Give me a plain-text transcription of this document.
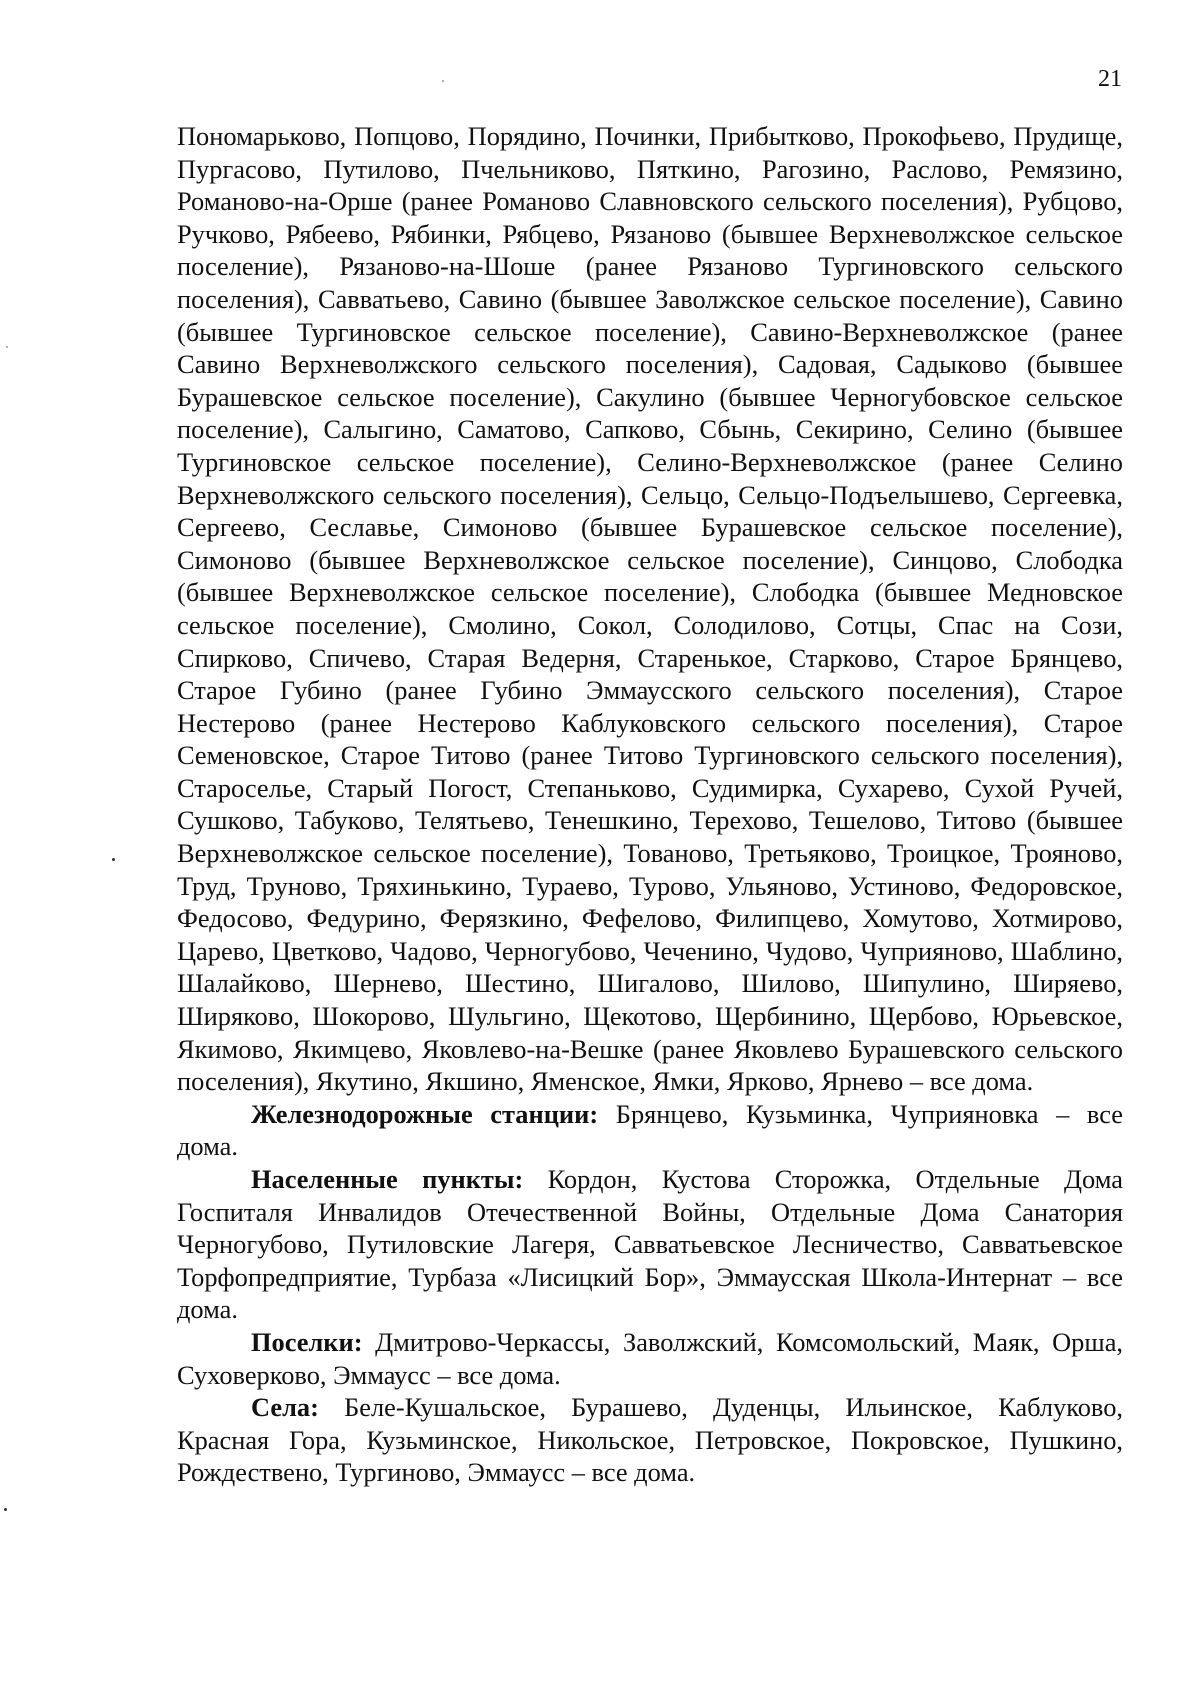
21

Пономарьково, Попцово, Порядино, Починки, Прибытково, Прокофьево, Прудище, Пургасово, Путилово, Пчельниково, Пяткино, Рагозино, Раслово, Ремязино, Романово-на-Орше (ранее Романово Славновского сельского поселения), Рубцово, Ручково, Рябеево, Рябинки, Рябцево, Рязаново (бывшее Верхневолжское сельское поселение), Рязаново-на-Шоше (ранее Рязаново Тургиновского сельского поселения), Савватьево, Савино (бывшее Заволжское сельское поселение), Савино (бывшее Тургиновское сельское поселение), Савино-Верхневолжское (ранее Савино Верхневолжского сельского поселения), Садовая, Садыково (бывшее Бурашевское сельское поселение), Сакулино (бывшее Черногубовское сельское поселение), Салыгино, Саматово, Сапково, Сбынь, Секирино, Селино (бывшее Тургиновское сельское поселение), Селино-Верхневолжское (ранее Селино Верхневолжского сельского поселения), Сельцо, Сельцо-Подъелышево, Сергеевка, Сергеево, Сеславье, Симоново (бывшее Бурашевское сельское поселение), Симоново (бывшее Верхневолжское сельское поселение), Синцово, Слободка (бывшее Верхневолжское сельское поселение), Слободка (бывшее Медновское сельское поселение), Смолино, Сокол, Солодилово, Сотцы, Спас на Сози, Спирково, Спичево, Старая Ведерня, Старенькое, Старково, Старое Брянцево, Старое Губино (ранее Губино Эммаусского сельского поселения), Старое Нестерово (ранее Нестерово Каблуковского сельского поселения), Старое Семеновское, Старое Титово (ранее Титово Тургиновского сельского поселения), Староселье, Старый Погост, Степаньково, Судимирка, Сухарево, Сухой Ручей, Сушково, Табуково, Телятьево, Тенешкино, Терехово, Тешелово, Титово (бывшее Верхневолжское сельское поселение), Тованово, Третьяково, Троицкое, Трояново, Труд, Труново, Тряхинькино, Тураево, Турово, Ульяново, Устиново, Федоровское, Федосово, Федурино, Ферязкино, Фефелово, Филипцево, Хомутово, Хотмирово, Царево, Цветково, Чадово, Черногубово, Чеченино, Чудово, Чуприяново, Шаблино, Шалайково, Шернево, Шестино, Шигалово, Шилово, Шипулино, Ширяево, Ширяково, Шокорово, Шульгино, Щекотово, Щербинино, Щербово, Юрьевское, Якимово, Якимцево, Яковлево-на-Вешке (ранее Яковлево Бурашевского сельского поселения), Якутино, Якшино, Яменское, Ямки, Ярково, Ярнево – все дома.

Железнодорожные станции: Брянцево, Кузьминка, Чуприяновка – все дома.

Населенные пункты: Кордон, Кустова Сторожка, Отдельные Дома Госпиталя Инвалидов Отечественной Войны, Отдельные Дома Санатория Черногубово, Путиловские Лагеря, Савватьевское Лесничество, Савватьевское Торфопредприятие, Турбаза «Лисицкий Бор», Эммаусская Школа-Интернат – все дома.

Поселки: Дмитрово-Черкассы, Заволжский, Комсомольский, Маяк, Орша, Суховерково, Эммаусс – все дома.

Села: Беле-Кушальское, Бурашево, Дуденцы, Ильинское, Каблуково, Красная Гора, Кузьминское, Никольское, Петровское, Покровское, Пушкино, Рождествено, Тургиново, Эммаусс – все дома.
